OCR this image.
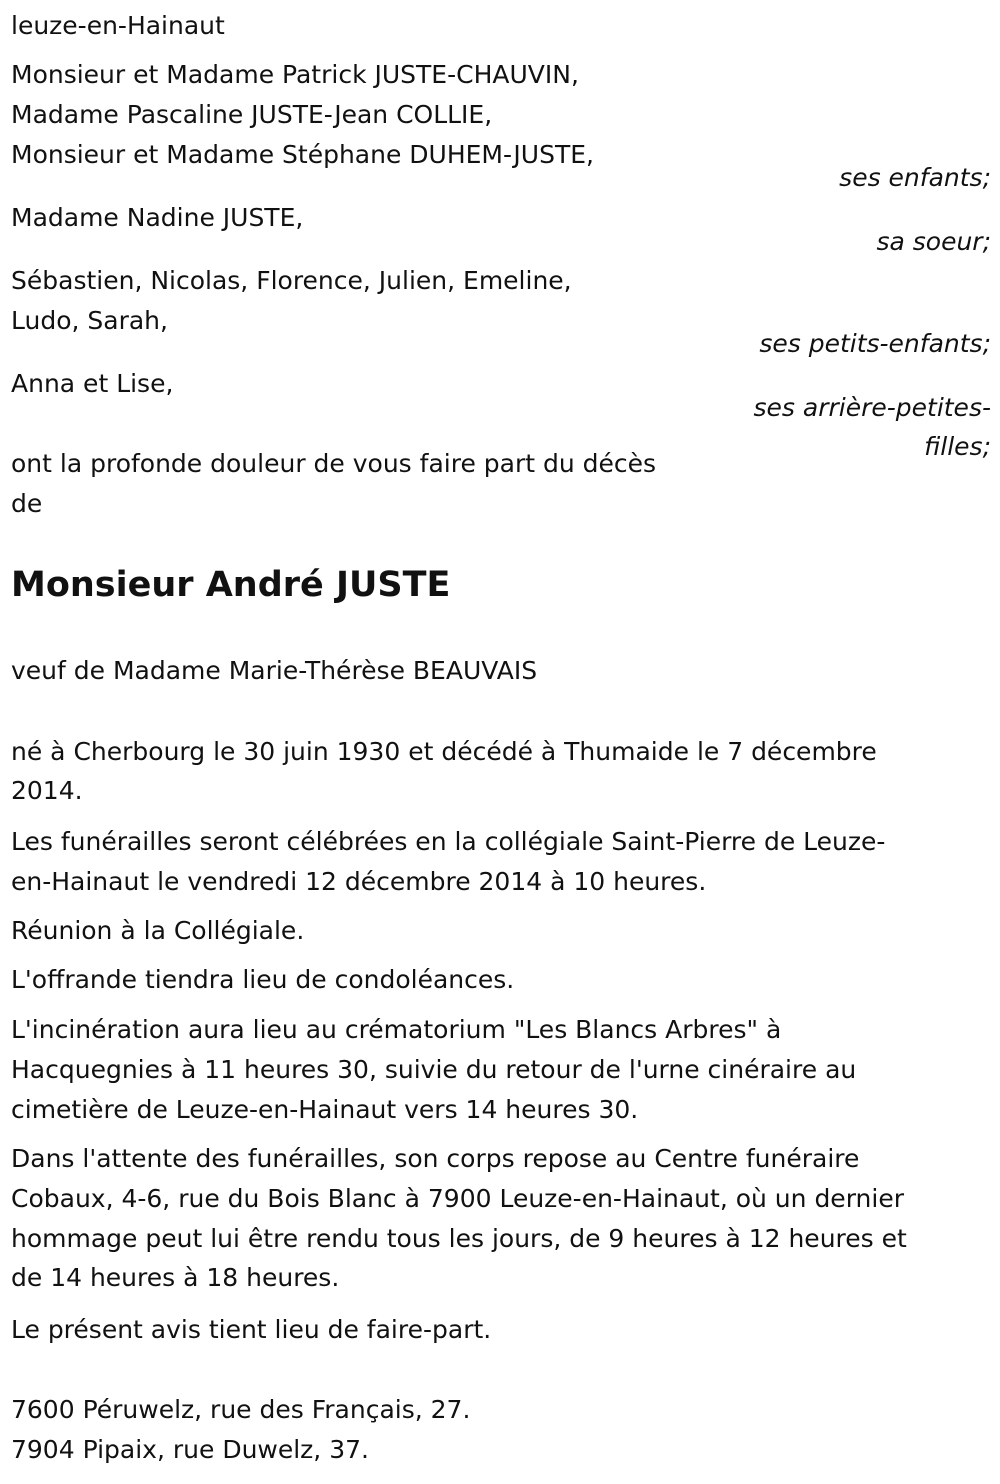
leuze-en-Hainaut
Monsieur et Madame Patrick JUSTE-CHAUVIN,
Madame Pascaline JUSTE-Jean COLLIE,
Monsieur et Madame Stéphane DUHEM-JUSTE,
ses enfants;
Madame Nadine JUSTE,
sa soeur;
Sébastien, Nicolas, Florence, Julien, Emeline,
Ludo, Sarah,
ses petits-enfants;
Anna et Lise,
ses arrière-petites-
filles;
ont la profonde douleur de vous faire part du décès
de
Monsieur André JUSTE
veuf de Madame Marie-Thérèse BEAUVAIS
né à Cherbourg le 30 juin 1930 et décédé à Thumaide le 7 décembre
2014.
Les funérailles seront célébrées en la collégiale Saint-Pierre de Leuze-
en-Hainaut le vendredi 12 décembre 2014 à 10 heures.
Réunion à la Collégiale.
L'offrande tiendra lieu de condoléances.
L'incinération aura lieu au crématorium "Les Blancs Arbres" à
Hacquegnies à 11 heures 30, suivie du retour de l'urne cinéraire au
cimetière de Leuze-en-Hainaut vers 14 heures 30.
Dans l'attente des funérailles, son corps repose au Centre funéraire
Cobaux, 4-6, rue du Bois Blanc à 7900 Leuze-en-Hainaut, où un dernier
hommage peut lui être rendu tous les jours, de 9 heures à 12 heures et
de 14 heures à 18 heures.
Le présent avis tient lieu de faire-part.
7600 Péruwelz, rue des Français, 27.
7904 Pipaix, rue Duwelz, 37.
